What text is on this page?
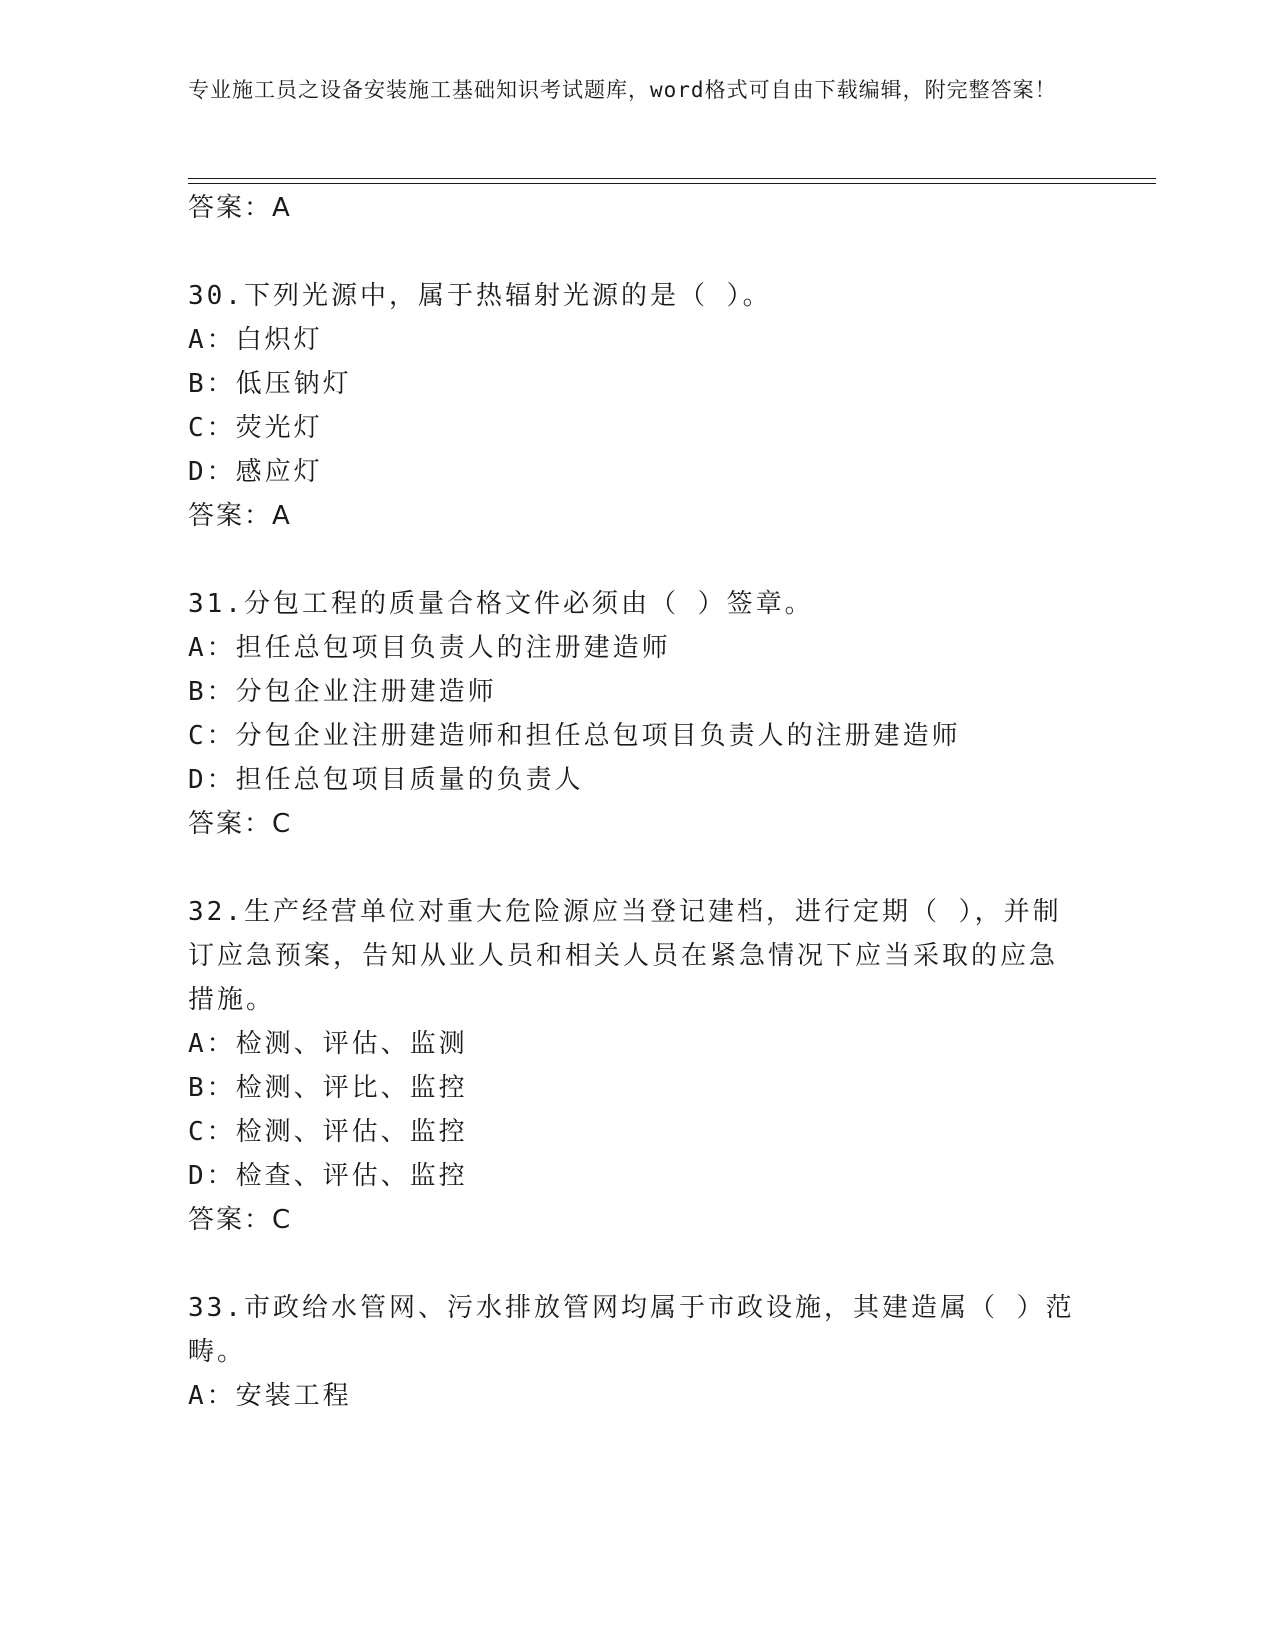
专业施工员之设备安装施工基础知识考试题库，word格式可自由下载编辑，附完整答案！
答案：A
30.下列光源中，属于热辐射光源的是（ ）。
A：白炽灯
B：低压钠灯
C：荧光灯
D：感应灯
答案：A
31.分包工程的质量合格文件必须由（ ）签章。
A：担任总包项目负责人的注册建造师
B：分包企业注册建造师
C：分包企业注册建造师和担任总包项目负责人的注册建造师
D：担任总包项目质量的负责人
答案：C
32.生产经营单位对重大危险源应当登记建档，进行定期（ ），并制
订应急预案，告知从业人员和相关人员在紧急情况下应当采取的应急
措施。
A：检测、评估、监测
B：检测、评比、监控
C：检测、评估、监控
D：检查、评估、监控
答案：C
33.市政给水管网、污水排放管网均属于市政设施，其建造属（ ）范
畴。
A：安装工程
